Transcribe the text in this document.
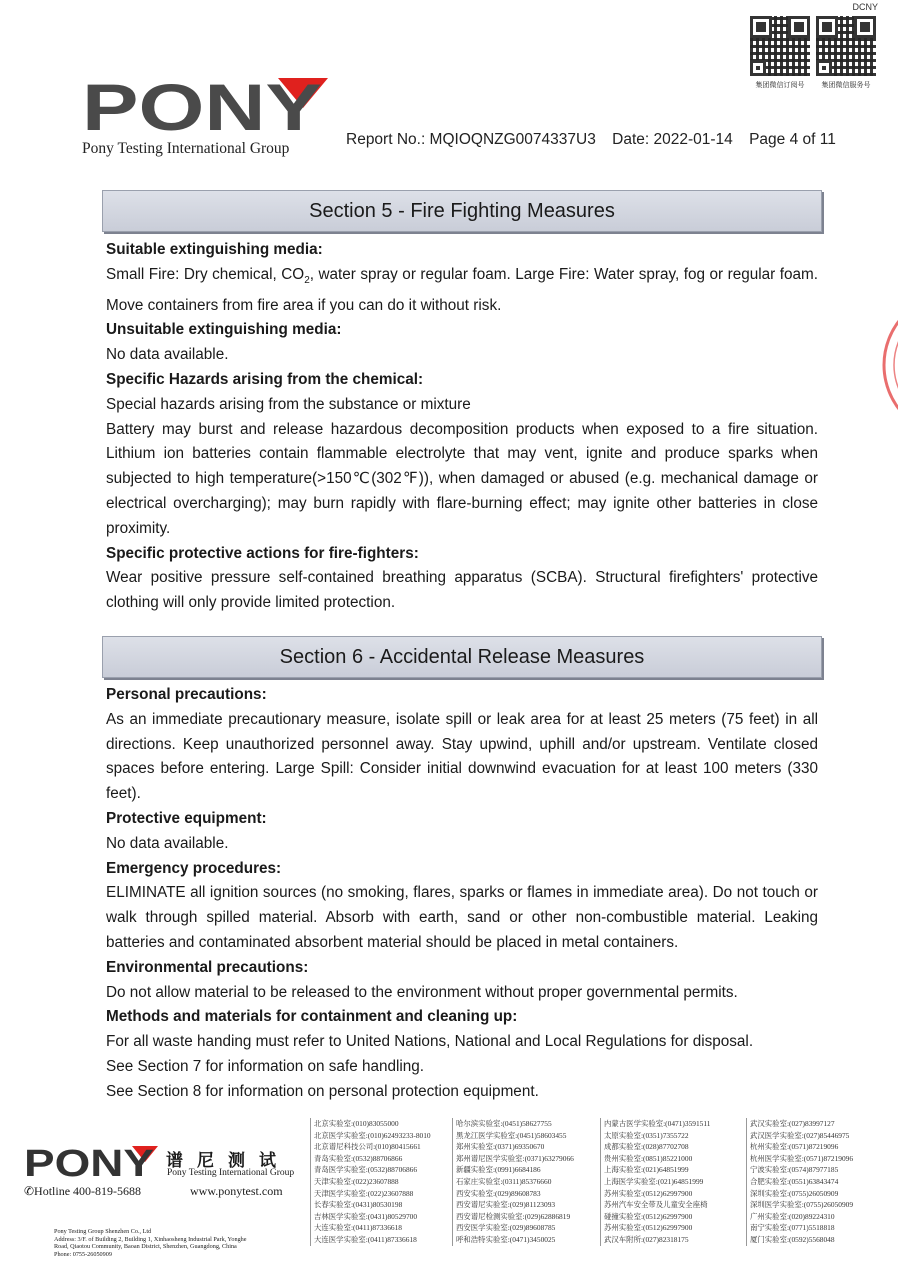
DCNY
集团微信订阅号	集团微信服务号
PONY
Pony Testing International Group
Report No.: MQIOQNZG0074337U3 Date: 2022-01-14 Page 4 of 11
Section 5 - Fire Fighting Measures
Suitable extinguishing media:

Small Fire: Dry chemical, $CO_2$, water spray or regular foam. Large Fire: Water spray, fog or regular foam. Move containers from fire area if you can do it without risk.

Unsuitable extinguishing media:

No data available.

Specific Hazards arising from the chemical:

Special hazards arising from the substance or mixture

Battery may burst and release hazardous decomposition products when exposed to a fire situation. Lithium ion batteries contain flammable electrolyte that may vent, ignite and produce sparks when subjected to high temperature(>150℃(302℉)), when damaged or abused (e.g. mechanical damage or electrical overcharging); may burn rapidly with flare-burning effect; may ignite other batteries in close proximity.

Specific protective actions for fire-fighters:

Wear positive pressure self-contained breathing apparatus (SCBA). Structural firefighters' protective clothing will only provide limited protection.

Section 6 - Accidental Release Measures
Personal precautions:

As an immediate precautionary measure, isolate spill or leak area for at least 25 meters (75 feet) in all directions. Keep unauthorized personnel away. Stay upwind, uphill and/or upstream. Ventilate closed spaces before entering. Large Spill: Consider initial downwind evacuation for at least 100 meters (330 feet).

Protective equipment:

No data available.

Emergency procedures:

ELIMINATE all ignition sources (no smoking, flares, sparks or flames in immediate area). Do not touch or walk through spilled material. Absorb with earth, sand or other non-combustible material. Leaking batteries and contaminated absorbent material should be placed in metal containers.

Environmental precautions:

Do not allow material to be released to the environment without proper governmental permits.

Methods and materials for containment and cleaning up:

For all waste handing must refer to United Nations, National and Local Regulations for disposal.

See Section 7 for information on safe handling.

See Section 8 for information on personal protection equipment.

PONY 谱尼测试
Pony Testing International Group
✆Hotline 400-819-5688	www.ponytest.com
Pony Testing Group Shenzhen Co., Ltd
Address: 3/F. of Building 2, Building 1, Xinhaosheng Industrial Park, Yonghe
Road, Qiaotou Community, Baoan District, Shenzhen, Guangdong, China
Phone: 0755-26050909
北京实验室:(010)83055000
北京医学实验室:(010)62493233-8010
北京谱尼科技公司:(010)80415661
青岛实验室:(0532)88706866
青岛医学实验室:(0532)88706866
天津实验室:(022)23607888
天津医学实验室:(022)23607888
长春实验室:(0431)80530198
吉林医学实验室:(0431)80529700
大连实验室:(0411)87336618
大连医学实验室:(0411)87336618
哈尔滨实验室:(0451)58627755
黑龙江医学实验室:(0451)58603455
郑州实验室:(0371)69350670
郑州谱尼医学实验室:(0371)63279066
新疆实验室:(0991)6684186
石家庄实验室:(0311)85376660
西安实验室:(029)89608783
西安谱尼实验室:(029)81123093
西安谱尼检测实验室:(029)62886819
西安医学实验室:(029)89608785
呼和浩特实验室:(0471)3450025
内蒙古医学实验室:(0471)3591511
太原实验室:(0351)7355722
成都实验室:(028)87702708
贵州实验室:(0851)85221000
上海实验室:(021)64851999
上海医学实验室:(021)64851999
苏州实验室:(0512)62997900
苏州汽车安全带及儿童安全座椅
碰撞实验室:(0512)62997900
苏州实验室:(0512)62997900
武汉车附所:(027)82318175
武汉实验室:(027)83997127
武汉医学实验室:(027)85446975
杭州实验室:(0571)87219096
杭州医学实验室:(0571)87219096
宁波实验室:(0574)87977185
合肥实验室:(0551)63843474
深圳实验室:(0755)26050909
深圳医学实验室:(0755)26050909
广州实验室:(020)89224310
南宁实验室:(0771)5518818
厦门实验室:(0592)5568048
